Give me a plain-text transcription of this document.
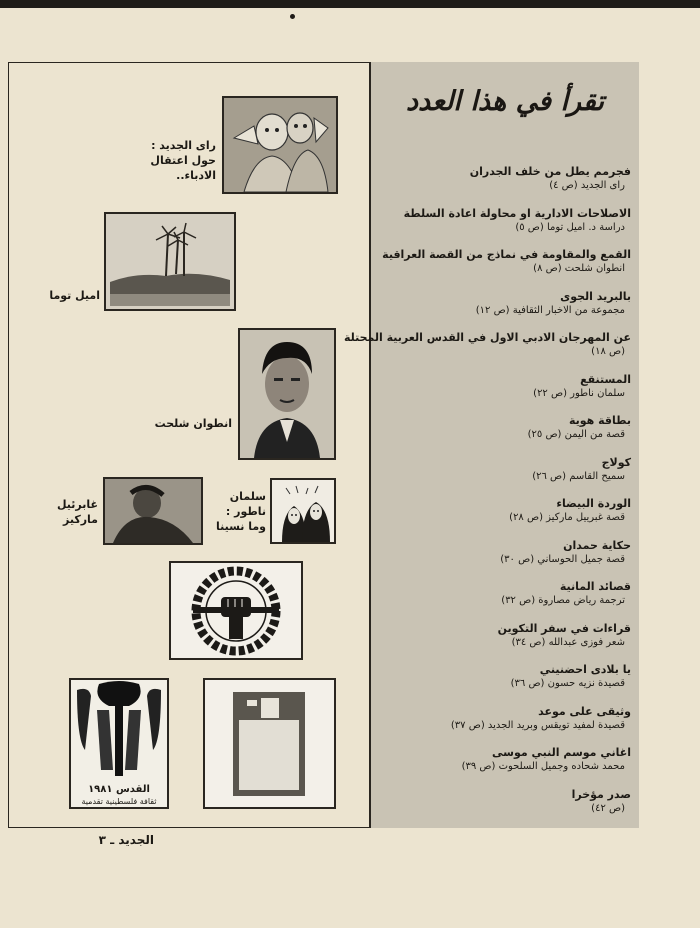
تقرأ في هذا العدد
فجرمم يطل من خلف الجدران
راى الجديد (ص ٤)
الاصلاحات الادارية او محاولة اعادة السلطة
دراسة د. اميل توما (ص ٥)
القمع والمقاومة في نماذج من القصة العراقية
انطوان شلحت (ص ٨)
بالبريد الجوى
مجموعة من الاخبار الثقافية (ص ١٢)
عن المهرجان الادبي الاول في القدس العربية المحتلة
(ص ١٨)
المستنقع
سلمان ناطور (ص ٢٢)
بطاقة هوية
قصة من اليمن (ص ٢٥)
كولاج
سميح القاسم (ص ٢٦)
الوردة البيضاء
قصة غبرييل ماركيز (ص ٢٨)
حكاية حمدان
قصة جميل الحوساني (ص ٣٠)
قصائد المانية
ترجمة رياض مصاروة (ص ٣٢)
قراءات في سفر التكوين
شعر فوزى عبدالله (ص ٣٤)
يا بلادى احضنيني
قصيدة نزيه حسون (ص ٣٦)
وثيقى على موعد
قصيدة لمفيد تويقس وبريد الجديد (ص ٣٧)
اغاني موسم النبي موسى
محمد شحاده وجميل السلحوت (ص ٣٩)
صدر مؤخرا
(ص ٤٢)
راى الجديد :
حول اعتقال الادباء..
اميل توما
انطوان شلحت
غابرئيل
ماركيز
سلمان
ناطور :
وما نسينا
القدس ١٩٨١
ثقافة فلسطينية تقدمية
الجديد ـ ٣
